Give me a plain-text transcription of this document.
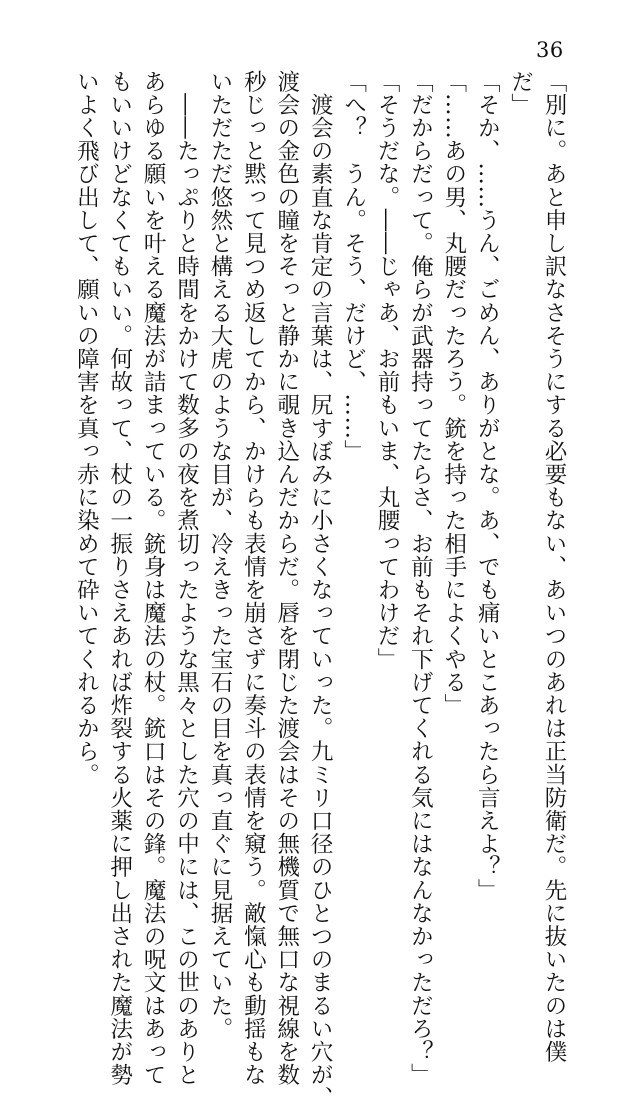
36
「別に。あと申し訳なさそうにする必要もない、あいつのあれは正当防衛だ。先に抜いたのは僕
だ」
「そか、……うん、ごめん、ありがとな。あ、でも痛いとこあったら言えよ？」
「……あの男、丸腰だったろう。銃を持った相手によくやる」
「だからだって。俺らが武器持ってたらさ、お前もそれ下げてくれる気にはなんなかっただろ？」
「そうだな。――じゃあ、お前もいま、丸腰ってわけだ」
「へ？　うん。そう、だけど、……」
　渡会の素直な肯定の言葉は、尻すぼみに小さくなっていった。九ミリ口径のひとつのまるい穴が、
渡会の金色の瞳をそっと静かに覗き込んだからだ。唇を閉じた渡会はその無機質で無口な視線を数
秒じっと黙って見つめ返してから、かけらも表情を崩さずに奏斗の表情を窺う。敵愾心も動揺もな
いただただ悠然と構える大虎のような目が、冷えきった宝石の目を真っ直ぐに見据えていた。
　――たっぷりと時間をかけて数多の夜を煮切ったような黒々とした穴の中には、この世のありと
あらゆる願いを叶える魔法が詰まっている。銃身は魔法の杖。銃口はその鋒。魔法の呪文はあって
もいいけどなくてもいい。何故って、杖の一振りさえあれば炸裂する火薬に押し出された魔法が勢
いよく飛び出して、願いの障害を真っ赤に染めて砕いてくれるから。
